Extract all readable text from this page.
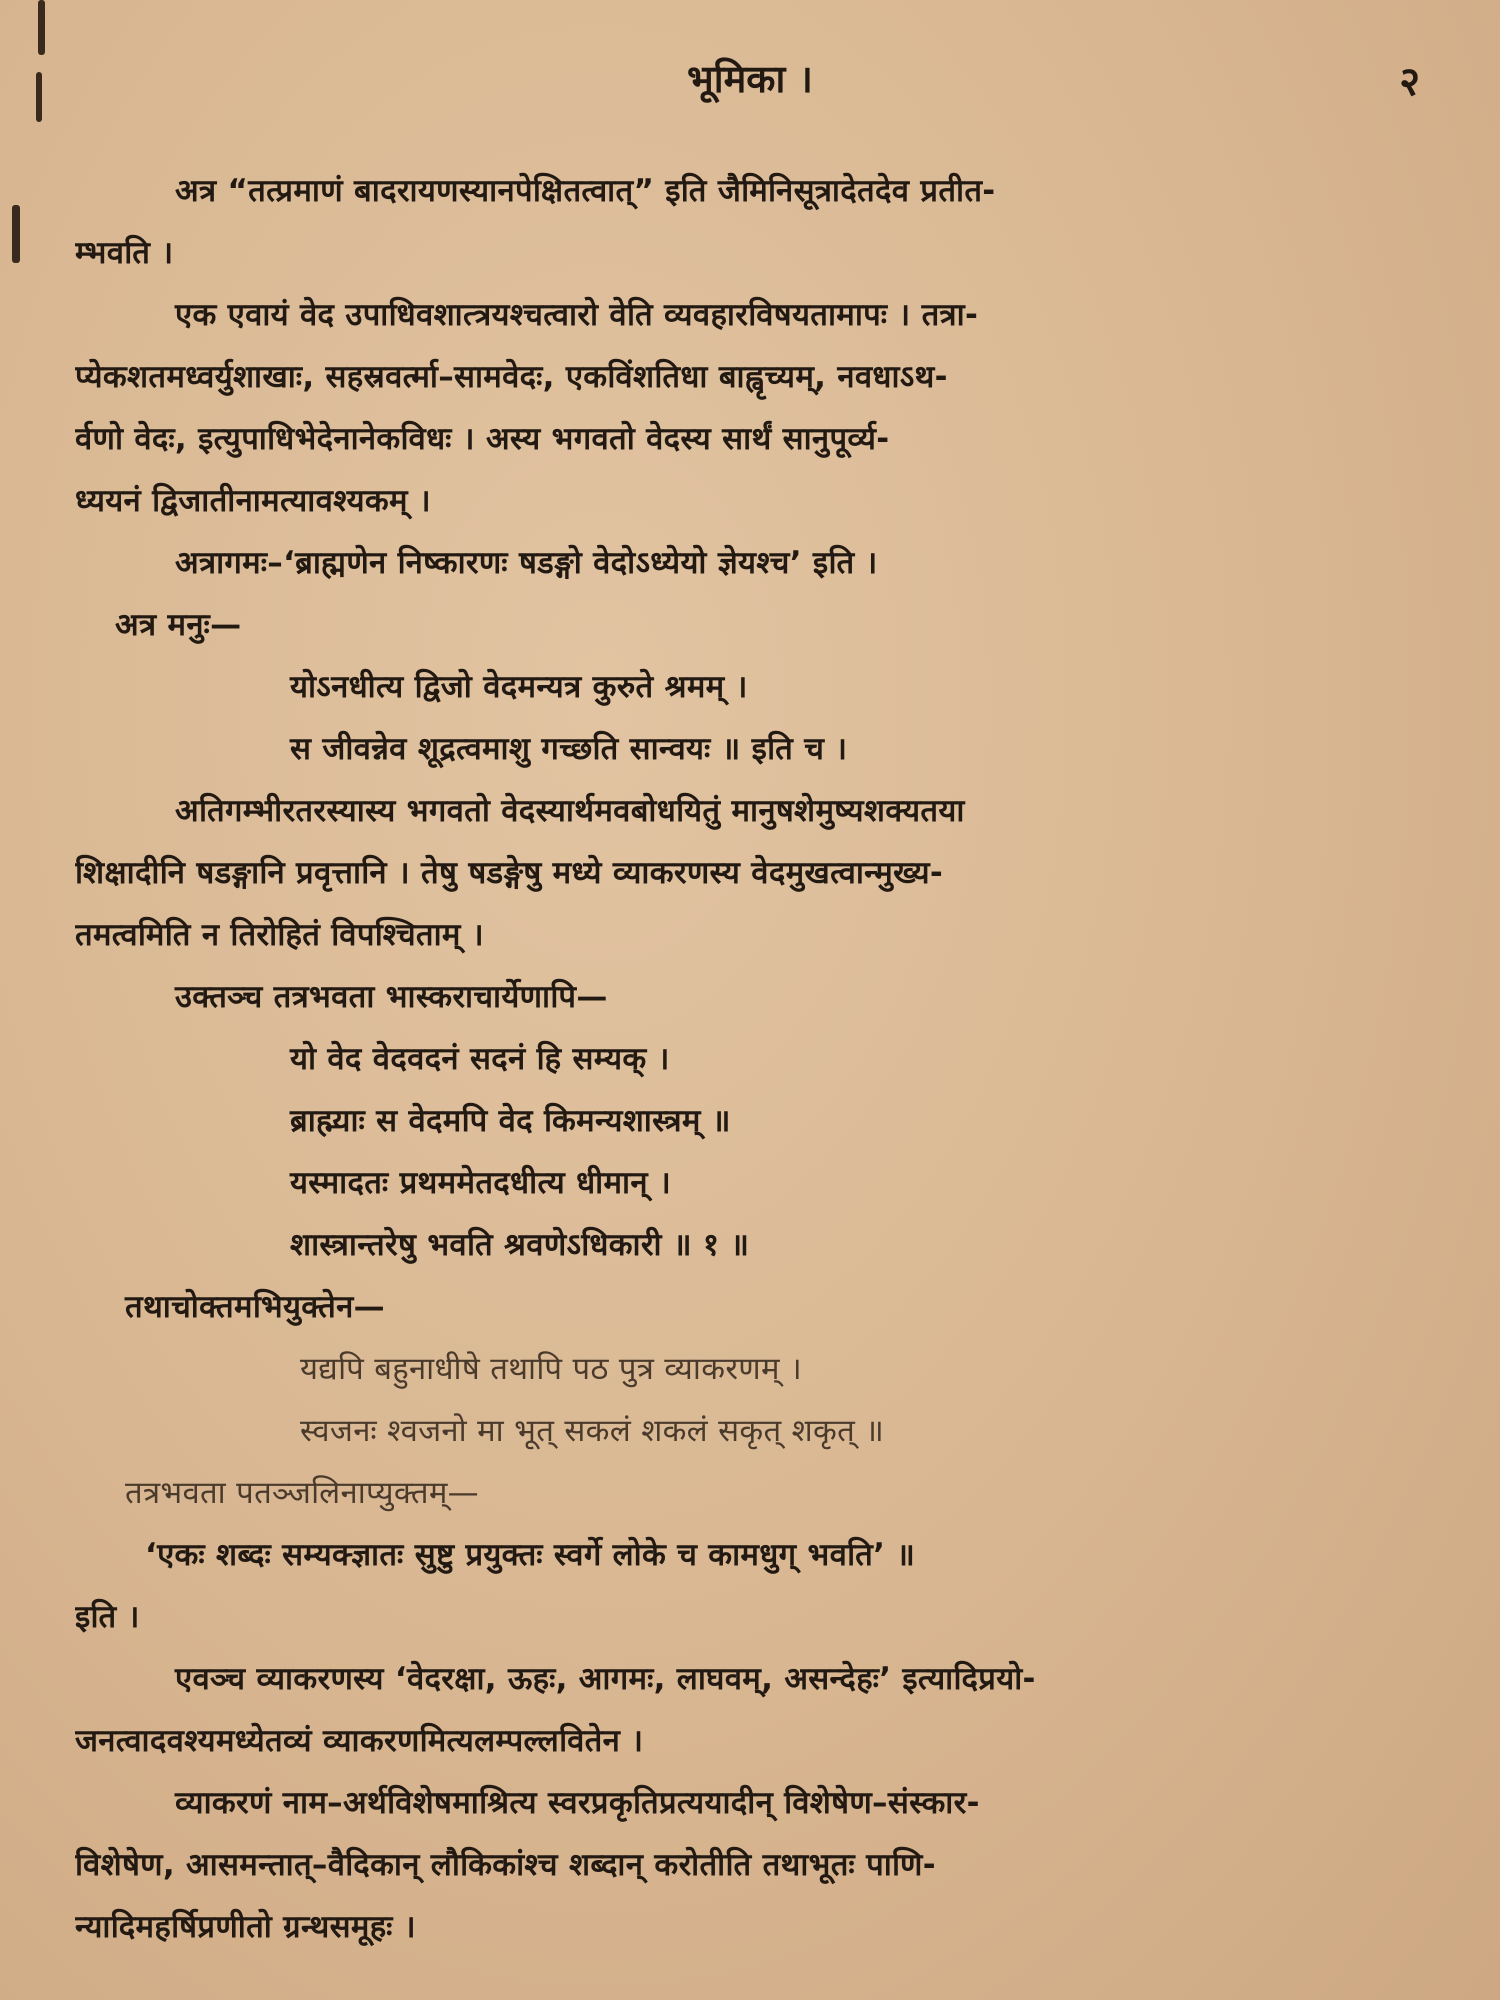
भूमिका ।	२
अत्र “तत्प्रमाणं बादरायणस्यानपेक्षितत्वात्” इति जैमिनिसूत्रादेतदेव प्रतीत-
म्भवति ।
एक एवायं वेद उपाधिवशात्त्रयश्चत्वारो वेति व्यवहारविषयतामापः । तत्रा-
प्येकशतमध्वर्युशाखाः, सहस्रवर्त्मा–सामवेदः, एकविंशतिधा बाह्वृच्यम्, नवधाऽथ-
र्वणो वेदः, इत्युपाधिभेदेनानेकविधः । अस्य भगवतो वेदस्य सार्थं सानुपूर्व्य-
ध्ययनं द्विजातीनामत्यावश्यकम् ।
अत्रागमः–‘ब्राह्मणेन निष्कारणः षडङ्गो वेदोऽध्येयो ज्ञेयश्च’ इति ।
अत्र मनुः—
योऽनधीत्य द्विजो वेदमन्यत्र कुरुते श्रमम् ।
स जीवन्नेव शूद्रत्वमाशु गच्छति सान्वयः ॥ इति च ।
अतिगम्भीरतरस्यास्य भगवतो वेदस्यार्थमवबोधयितुं मानुषशेमुष्यशक्यतया
शिक्षादीनि षडङ्गानि प्रवृत्तानि । तेषु षडङ्गेषु मध्ये व्याकरणस्य वेदमुखत्वान्मुख्य-
तमत्वमिति न तिरोहितं विपश्चिताम् ।
उक्तञ्च तत्रभवता भास्कराचार्येणापि—
यो वेद वेदवदनं सदनं हि सम्यक् ।
ब्राह्म्याः स वेदमपि वेद किमन्यशास्त्रम् ॥
यस्मादतः प्रथममेतदधीत्य धीमान् ।
शास्त्रान्तरेषु भवति श्रवणेऽधिकारी ॥ १ ॥
तथाचोक्तमभियुक्तेन—
यद्यपि बहुनाधीषे तथापि पठ पुत्र व्याकरणम् ।
स्वजनः श्वजनो मा भूत् सकलं शकलं सकृत् शकृत् ॥
तत्रभवता पतञ्जलिनाप्युक्तम्—
‘एकः शब्दः सम्यक्ज्ञातः सुष्टु प्रयुक्तः स्वर्गे लोके च कामधुग् भवति’ ॥
इति ।
एवञ्च व्याकरणस्य ‘वेदरक्षा, ऊहः, आगमः, लाघवम्, असन्देहः’ इत्यादिप्रयो-
जनत्वादवश्यमध्येतव्यं व्याकरणमित्यलम्पल्लवितेन ।
व्याकरणं नाम–अर्थविशेषमाश्रित्य स्वरप्रकृतिप्रत्ययादीन् विशेषेण–संस्कार-
विशेषेण, आसमन्तात्–वैदिकान् लौकिकांश्च शब्दान् करोतीति तथाभूतः पाणि-
न्यादिमहर्षिप्रणीतो ग्रन्थसमूहः ।
